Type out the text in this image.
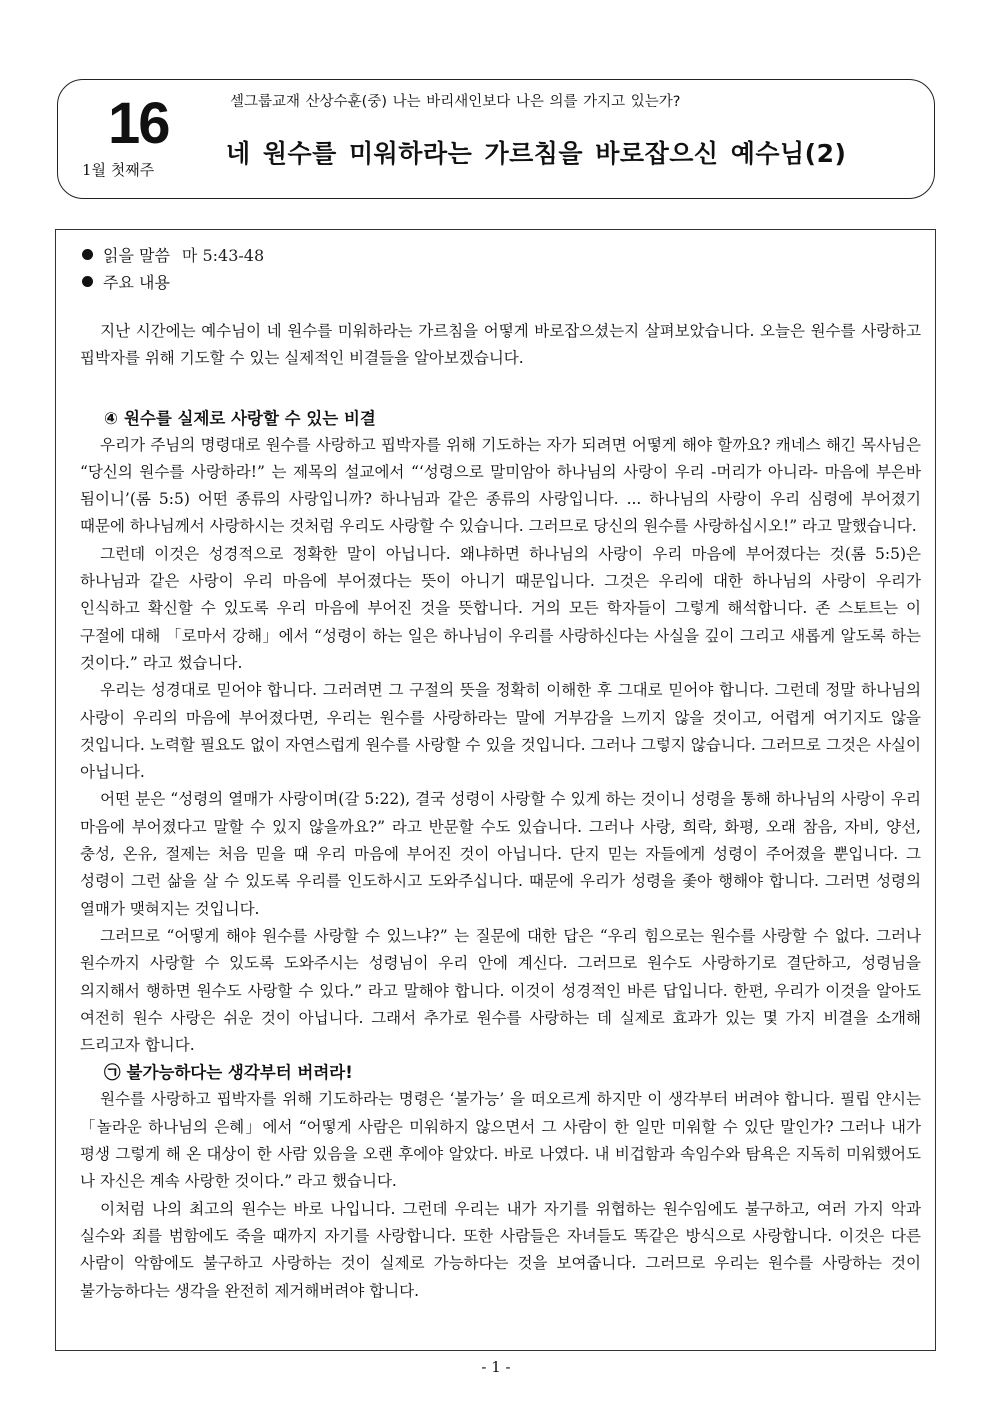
16
1월 첫째주
셀그룹교재 산상수훈(중) 나는 바리새인보다 나은 의를 가지고 있는가?
네 원수를 미워하라는 가르침을 바로잡으신 예수님(2)
읽을 말씀 마 5:43-48
주요 내용

지난 시간에는 예수님이 네 원수를 미워하라는 가르침을 어떻게 바로잡으셨는지 살펴보았습니다. 오늘은 원수를 사랑하고 핍박자를 위해 기도할 수 있는 실제적인 비결들을 알아보겠습니다.

④ 원수를 실제로 사랑할 수 있는 비결

우리가 주님의 명령대로 원수를 사랑하고 핍박자를 위해 기도하는 자가 되려면 어떻게 해야 할까요? 캐네스 해긴 목사님은 “당신의 원수를 사랑하라!” 는 제목의 설교에서 “‘성령으로 말미암아 하나님의 사랑이 우리 -머리가 아니라- 마음에 부은바 됨이니’(롬 5:5) 어떤 종류의 사랑입니까? 하나님과 같은 종류의 사랑입니다. ... 하나님의 사랑이 우리 심령에 부어졌기 때문에 하나님께서 사랑하시는 것처럼 우리도 사랑할 수 있습니다. 그러므로 당신의 원수를 사랑하십시오!” 라고 말했습니다.

그런데 이것은 성경적으로 정확한 말이 아닙니다. 왜냐하면 하나님의 사랑이 우리 마음에 부어졌다는 것(롬 5:5)은 하나님과 같은 사랑이 우리 마음에 부어졌다는 뜻이 아니기 때문입니다. 그것은 우리에 대한 하나님의 사랑이 우리가 인식하고 확신할 수 있도록 우리 마음에 부어진 것을 뜻합니다. 거의 모든 학자들이 그렇게 해석합니다. 존 스토트는 이 구절에 대해 「로마서 강해」에서 “성령이 하는 일은 하나님이 우리를 사랑하신다는 사실을 깊이 그리고 새롭게 알도록 하는 것이다.” 라고 썼습니다.

우리는 성경대로 믿어야 합니다. 그러려면 그 구절의 뜻을 정확히 이해한 후 그대로 믿어야 합니다. 그런데 정말 하나님의 사랑이 우리의 마음에 부어졌다면, 우리는 원수를 사랑하라는 말에 거부감을 느끼지 않을 것이고, 어렵게 여기지도 않을 것입니다. 노력할 필요도 없이 자연스럽게 원수를 사랑할 수 있을 것입니다. 그러나 그렇지 않습니다. 그러므로 그것은 사실이 아닙니다.

어떤 분은 “성령의 열매가 사랑이며(갈 5:22), 결국 성령이 사랑할 수 있게 하는 것이니 성령을 통해 하나님의 사랑이 우리 마음에 부어졌다고 말할 수 있지 않을까요?” 라고 반문할 수도 있습니다. 그러나 사랑, 희락, 화평, 오래 참음, 자비, 양선, 충성, 온유, 절제는 처음 믿을 때 우리 마음에 부어진 것이 아닙니다. 단지 믿는 자들에게 성령이 주어졌을 뿐입니다. 그 성령이 그런 삶을 살 수 있도록 우리를 인도하시고 도와주십니다. 때문에 우리가 성령을 좇아 행해야 합니다. 그러면 성령의 열매가 맺혀지는 것입니다.

그러므로 “어떻게 해야 원수를 사랑할 수 있느냐?” 는 질문에 대한 답은 “우리 힘으로는 원수를 사랑할 수 없다. 그러나 원수까지 사랑할 수 있도록 도와주시는 성령님이 우리 안에 계신다. 그러므로 원수도 사랑하기로 결단하고, 성령님을 의지해서 행하면 원수도 사랑할 수 있다.” 라고 말해야 합니다. 이것이 성경적인 바른 답입니다. 한편, 우리가 이것을 알아도 여전히 원수 사랑은 쉬운 것이 아닙니다. 그래서 추가로 원수를 사랑하는 데 실제로 효과가 있는 몇 가지 비결을 소개해 드리고자 합니다.

㉠ 불가능하다는 생각부터 버려라!

원수를 사랑하고 핍박자를 위해 기도하라는 명령은 ‘불가능’ 을 떠오르게 하지만 이 생각부터 버려야 합니다. 필립 얀시는 「놀라운 하나님의 은혜」에서 “어떻게 사람은 미워하지 않으면서 그 사람이 한 일만 미워할 수 있단 말인가? 그러나 내가 평생 그렇게 해 온 대상이 한 사람 있음을 오랜 후에야 알았다. 바로 나였다. 내 비겁함과 속임수와 탐욕은 지독히 미워했어도 나 자신은 계속 사랑한 것이다.” 라고 했습니다.

이처럼 나의 최고의 원수는 바로 나입니다. 그런데 우리는 내가 자기를 위협하는 원수임에도 불구하고, 여러 가지 악과 실수와 죄를 범함에도 죽을 때까지 자기를 사랑합니다. 또한 사람들은 자녀들도 똑같은 방식으로 사랑합니다. 이것은 다른 사람이 악함에도 불구하고 사랑하는 것이 실제로 가능하다는 것을 보여줍니다. 그러므로 우리는 원수를 사랑하는 것이 불가능하다는 생각을 완전히 제거해버려야 합니다.

- 1 -
